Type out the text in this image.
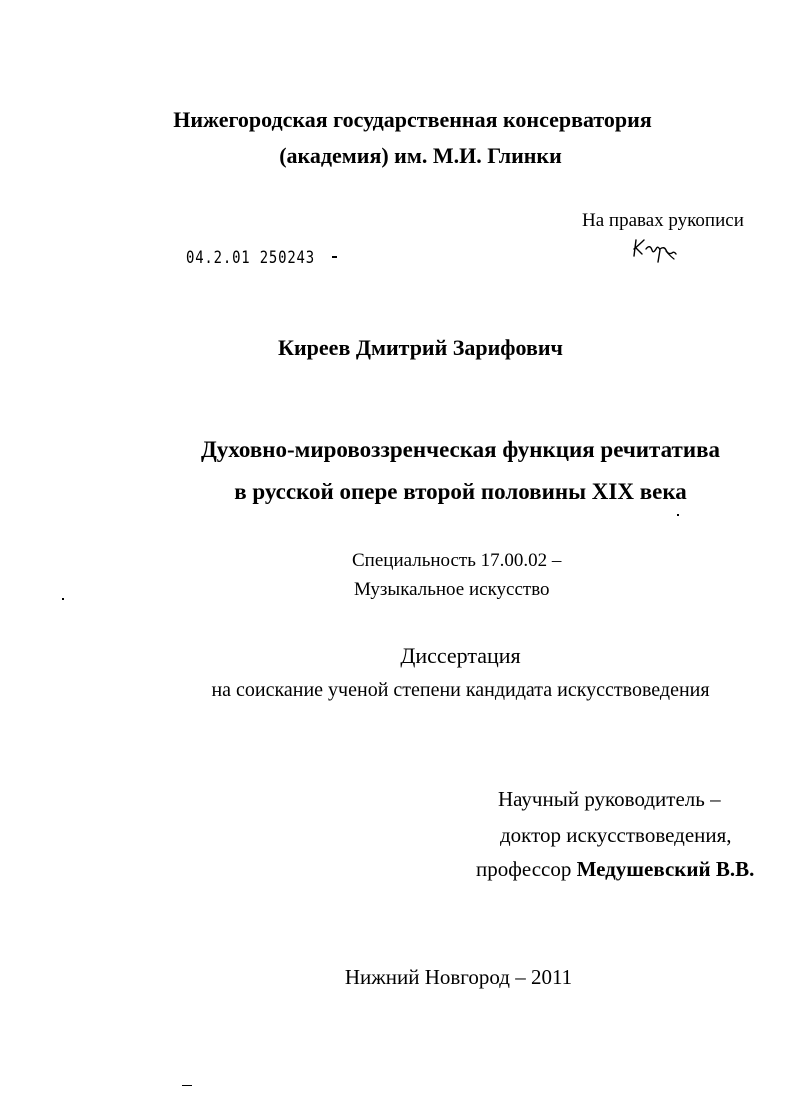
Нижегородская государственная консерватория
(академия) им. М.И. Глинки
На правах рукописи
04.2.01 250243
Киреев Дмитрий Зарифович
Духовно-мировоззренческая функция речитатива
в русской опере второй половины XIX века
Специальность 17.00.02 –
Музыкальное искусство
Диссертация
на соискание ученой степени кандидата искусствоведения
Научный руководитель –
доктор искусствоведения,
профессор Медушевский В.В.
Нижний Новгород – 2011
